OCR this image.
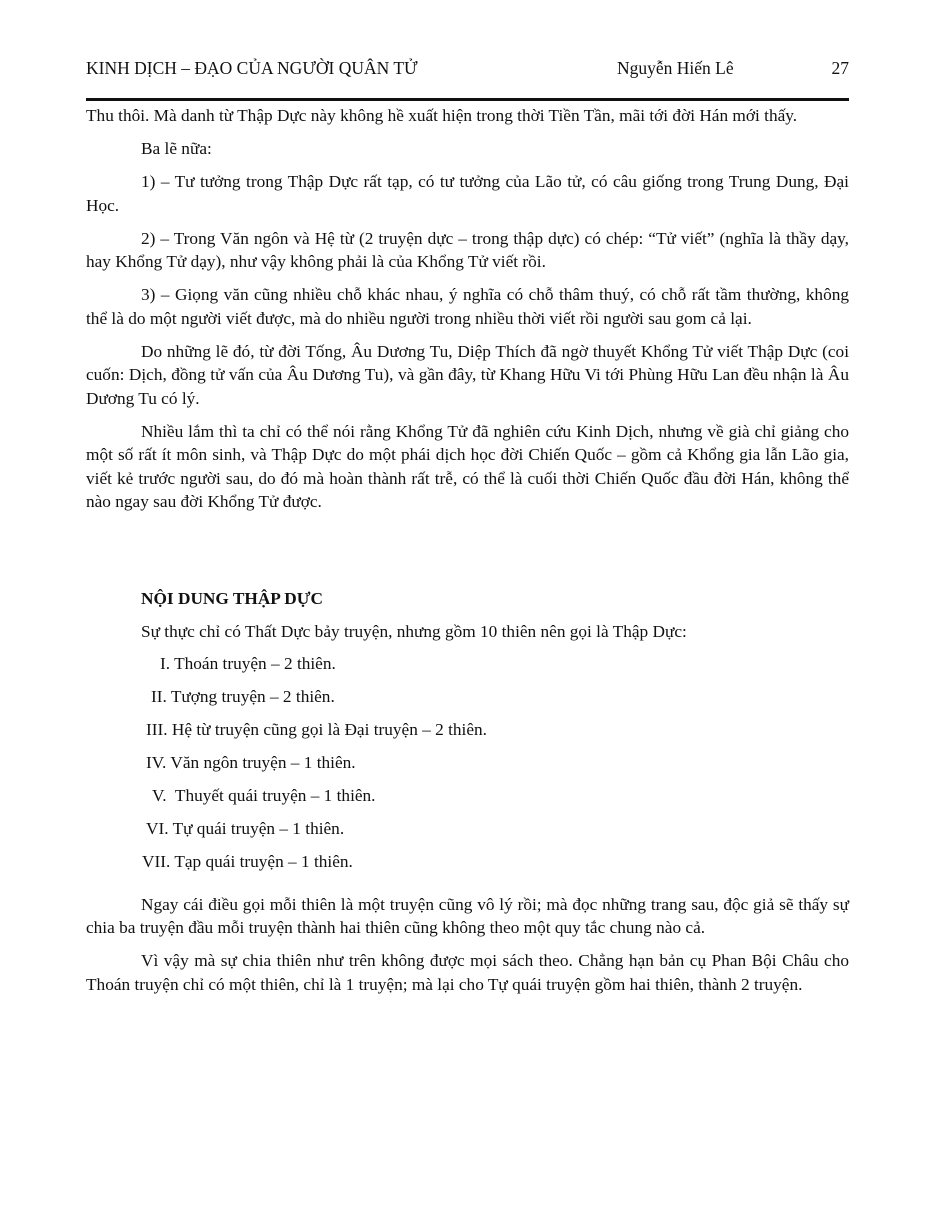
KINH DỊCH – ĐẠO CỦA NGƯỜI QUÂN TỬ	Nguyễn Hiến Lê	27

Thu thôi. Mà danh từ Thập Dực này không hề xuất hiện trong thời Tiền Tần, mãi tới đời Hán mới thấy.

Ba lẽ nữa:

1) – Tư tưởng trong Thập Dực rất tạp, có tư tưởng của Lão tử, có câu giống trong Trung Dung, Đại Học.

2) – Trong Văn ngôn và Hệ từ (2 truyện dực – trong thập dực) có chép: “Tử viết” (nghĩa là thầy dạy, hay Khổng Tử dạy), như vậy không phải là của Khổng Tử viết rồi.

3) – Giọng văn cũng nhiều chỗ khác nhau, ý nghĩa có chỗ thâm thuý, có chỗ rất tầm thường, không thể là do một người viết được, mà do nhiều người trong nhiều thời viết rồi người sau gom cả lại.

Do những lẽ đó, từ đời Tống, Âu Dương Tu, Diệp Thích đã ngờ thuyết Khổng Tử viết Thập Dực (coi cuốn: Dịch, đồng tử vấn của Âu Dương Tu), và gần đây, từ Khang Hữu Vi tới Phùng Hữu Lan đều nhận là Âu Dương Tu có lý.

Nhiều lắm thì ta chỉ có thể nói rằng Khổng Tử đã nghiên cứu Kinh Dịch, nhưng về già chỉ giảng cho một số rất ít môn sinh, và Thập Dực do một phái dịch học đời Chiến Quốc – gồm cả Khổng gia lẫn Lão gia, viết kẻ trước người sau, do đó mà hoàn thành rất trễ, có thể là cuối thời Chiến Quốc đầu đời Hán, không thể nào ngay sau đời Khổng Tử được.

NỘI DUNG THẬP DỰC

Sự thực chỉ có Thất Dực bảy truyện, nhưng gồm 10 thiên nên gọi là Thập Dực:

I. Thoán truyện – 2 thiên.
II. Tượng truyện – 2 thiên.
III. Hệ từ truyện cũng gọi là Đại truyện – 2 thiên.
IV. Văn ngôn truyện – 1 thiên.
V.  Thuyết quái truyện – 1 thiên.
VI. Tự quái truyện – 1 thiên.
VII. Tạp quái truyện – 1 thiên.

Ngay cái điều gọi mỗi thiên là một truyện cũng vô lý rồi; mà đọc những trang sau, độc giả sẽ thấy sự chia ba truyện đầu mỗi truyện thành hai thiên cũng không theo một quy tắc chung nào cả.

Vì vậy mà sự chia thiên như trên không được mọi sách theo. Chẳng hạn bản cụ Phan Bội Châu cho Thoán truyện chỉ có một thiên, chỉ là 1 truyện; mà lại cho Tự quái truyện gồm hai thiên, thành 2 truyện.
